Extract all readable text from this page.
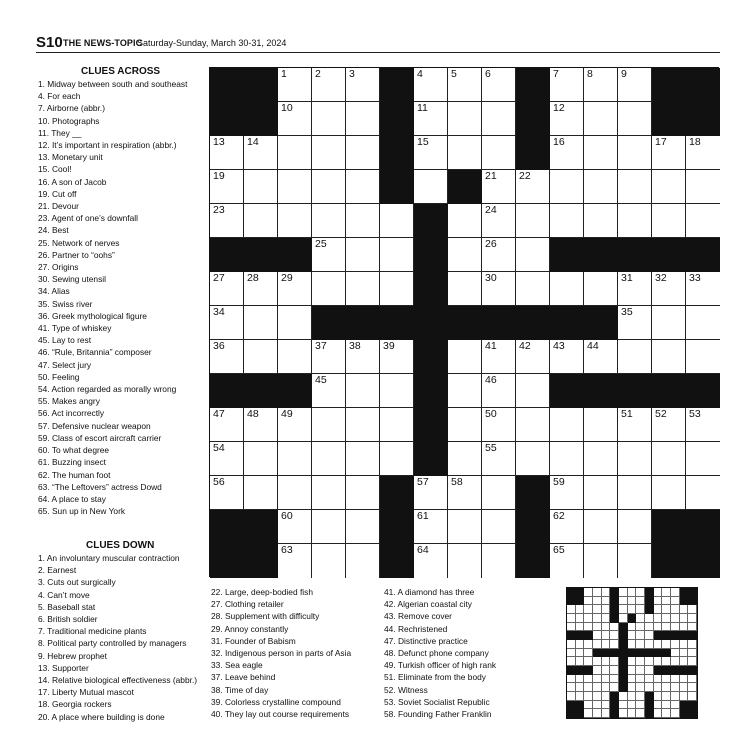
S10 THE NEWS-TOPIC
Saturday-Sunday, March 30-31, 2024
CLUES ACROSS
1. Midway between south and southeast
4. For each
7. Airborne (abbr.)
10. Photographs
11. They __
12. It’s important in respiration (abbr.)
13. Monetary unit
15. Cool!
16. A son of Jacob
19. Cut off
21. Devour
23. Agent of one’s downfall
24. Best
25. Network of nerves
26. Partner to “oohs”
27. Origins
30. Sewing utensil
34. Alias
35. Swiss river
36. Greek mythological figure
41. Type of whiskey
45. Lay to rest
46. “Rule, Britannia” composer
47. Select jury
50. Feeling
54. Action regarded as morally wrong
55. Makes angry
56. Act incorrectly
57. Defensive nuclear weapon
59. Class of escort aircraft carrier
60. To what degree
61. Buzzing insect
62. The human foot
63. “The Leftovers” actress Dowd
64. A place to stay
65. Sun up in New York
CLUES DOWN
1. An involuntary muscular contraction
2. Earnest
3. Cuts out surgically
4. Can’t move
5. Baseball stat
6. British soldier
7. Traditional medicine plants
8. Political party controlled by managers
9. Hebrew prophet
13. Supporter
14. Relative biological effectiveness (abbr.)
17. Liberty Mutual mascot
18. Georgia rockers
20. A place where building is done
22. Large, deep-bodied fish
27. Clothing retailer
28. Supplement with difficulty
29. Annoy constantly
31. Founder of Babism
32. Indigenous person in parts of Asia
33. Sea eagle
37. Leave behind
38. Time of day
39. Colorless crystalline compound
40. They lay out course requirements
41. A diamond has three
42. Algerian coastal city
43. Remove cover
44. Rechristened
47. Distinctive practice
48. Defunct phone company
49. Turkish officer of high rank
51. Eliminate from the body
52. Witness
53. Soviet Socialist Republic
58. Founding Father Franklin
1	2	3	4	5	6	7	8	9
10	11	12
13 14	15	16	17 18
19	20	21 22
23	24
25	26
27 28 29	30	31 32 33
34	35
36	37 38 39 40	41 42 43 44
45	46
47 48 49	50	51 52 53
54	55
56	57 58	59
60	61	62
63	64	65
